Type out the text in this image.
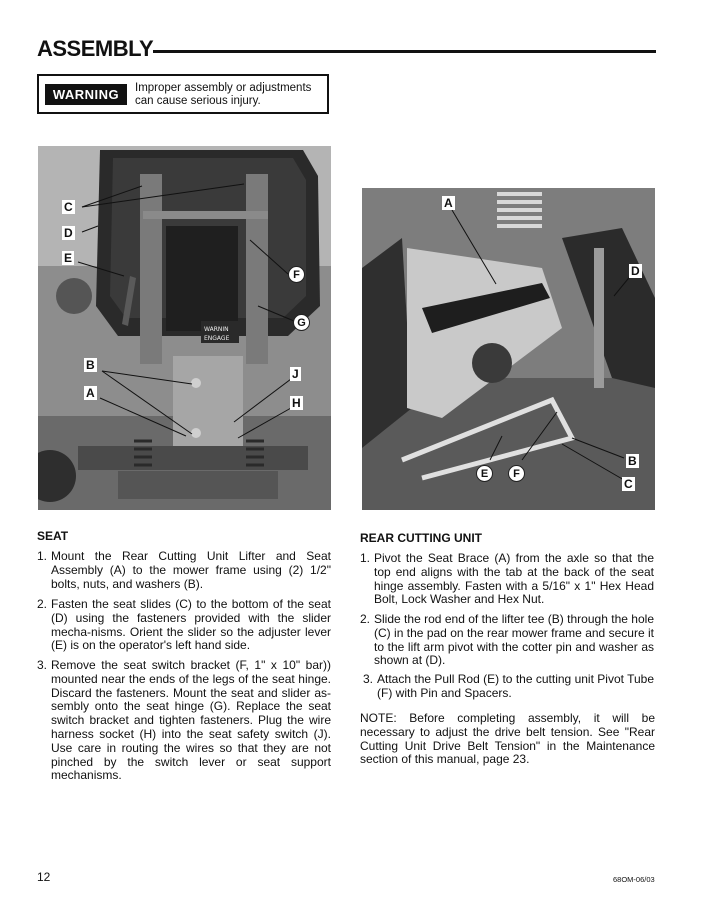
ASSEMBLY
WARNING	Improper assembly or adjustments can cause serious injury.
WARNIN
ENGAGE
C
D
E
F
G
B
A
J
H
A
D
E	F
B
C
SEAT
1. Mount the Rear Cutting Unit Lifter and Seat Assembly (A) to the mower frame using (2) 1/2" bolts, nuts, and washers (B).
2. Fasten the seat slides (C) to the bottom of the seat (D) using the fasteners provided with the slider mecha-nisms. Orient the slider so the adjuster lever (E) is on the operator's left hand side.
3. Remove the seat switch bracket (F, 1" x 10" bar)) mounted near the ends of the legs of the seat hinge. Discard the fasteners. Mount the seat and slider as-sembly onto the seat hinge (G). Replace the seat switch bracket and tighten fasteners. Plug the wire harness socket (H) into the seat safety switch (J). Use care in routing the wires so that they are not pinched by the switch lever or seat support mechanisms.
REAR CUTTING UNIT
1. Pivot the Seat Brace (A) from the axle so that the top end aligns with the tab at the back of the seat hinge assembly. Fasten with a 5/16" x 1" Hex Head Bolt, Lock Washer and Hex Nut.
2. Slide the rod end of the lifter tee (B) through the hole (C) in the pad on the rear mower frame and secure it to the lift arm pivot with the cotter pin and washer as shown at (D).
3. Attach the Pull Rod (E) to the cutting unit Pivot Tube (F) with Pin and Spacers.
NOTE: Before completing assembly, it will be necessary to adjust the drive belt tension. See "Rear Cutting Unit Drive Belt Tension" in the Maintenance section of this manual, page 23.
12	68OM-06/03
